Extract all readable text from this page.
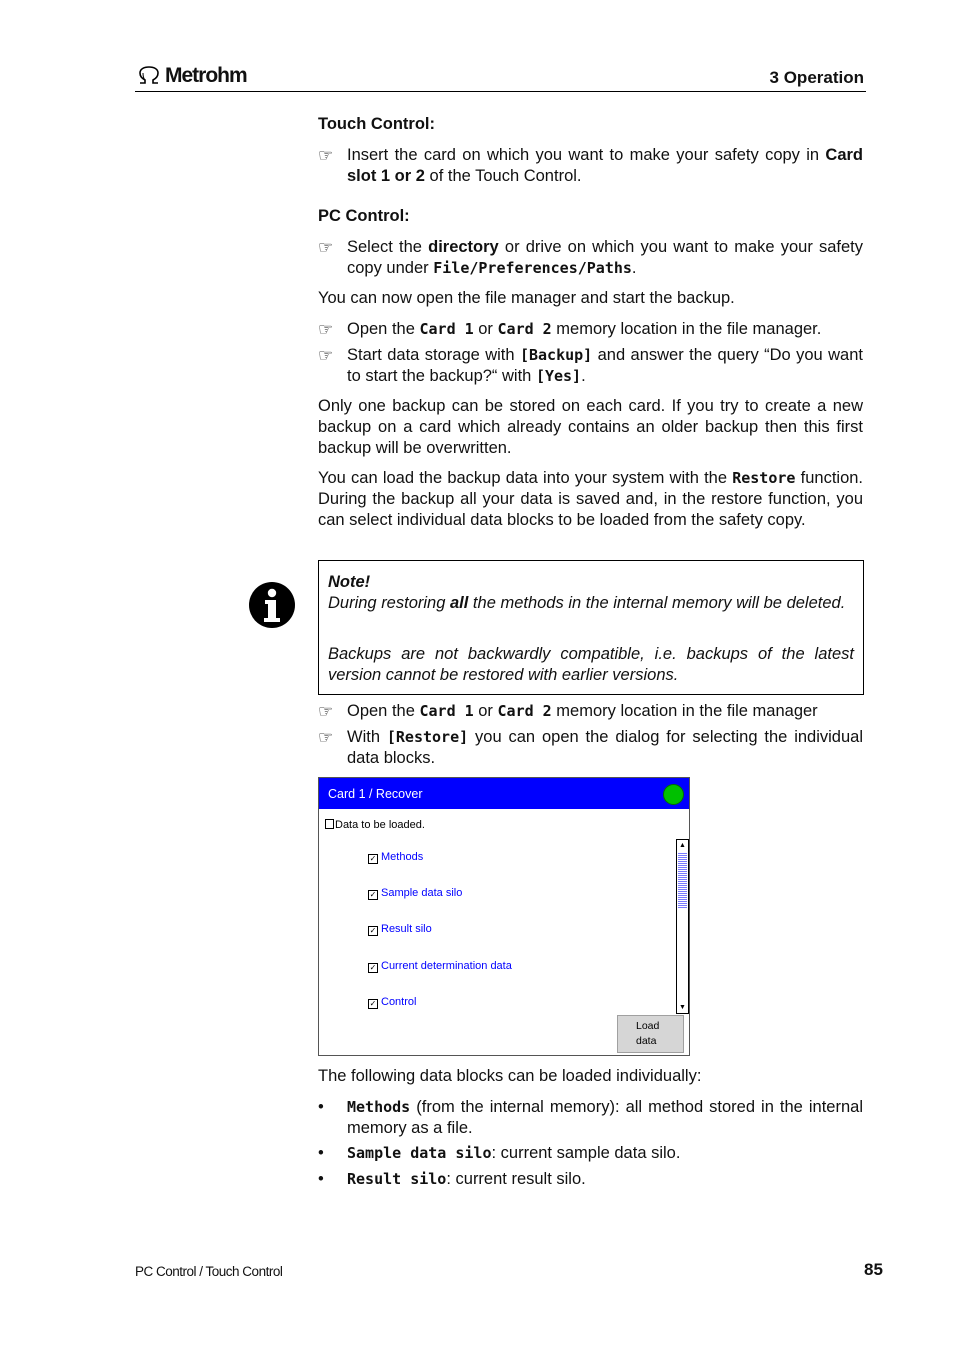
Metrohm	3 Operation
Touch Control:
☞ Insert the card on which you want to make your safety copy in Card slot 1 or 2 of the Touch Control.
PC Control:
☞ Select the directory or drive on which you want to make your safety copy under File/Preferences/Paths.
You can now open the file manager and start the backup.
☞ Open the Card 1 or Card 2 memory location in the file manager.
☞ Start data storage with [Backup] and answer the query “Do you want to start the backup?“ with [Yes].
Only one backup can be stored on each card. If you try to create a new backup on a card which already contains an older backup then this first backup will be overwritten.
You can load the backup data into your system with the Restore function. During the backup all your data is saved and, in the restore function, you can select individual data blocks to be loaded from the safety copy.
Note!
During restoring all the methods in the internal memory will be deleted.
Backups are not backwardly compatible, i.e. backups of the latest version cannot be restored with earlier versions.
☞ Open the Card 1 or Card 2 memory location in the file manager
☞ With [Restore] you can open the dialog for selecting the individual data blocks.
Card 1 / Recover
Data to be loaded.
✓ Methods
✓ Sample data silo
✓ Result silo
✓ Current determination data
✓ Control
▲
▼
Load data
The following data blocks can be loaded individually:
• Methods (from the internal memory): all method stored in the internal memory as a file.
• Sample data silo: current sample data silo.
• Result silo: current result silo.
PC Control / Touch Control	85
